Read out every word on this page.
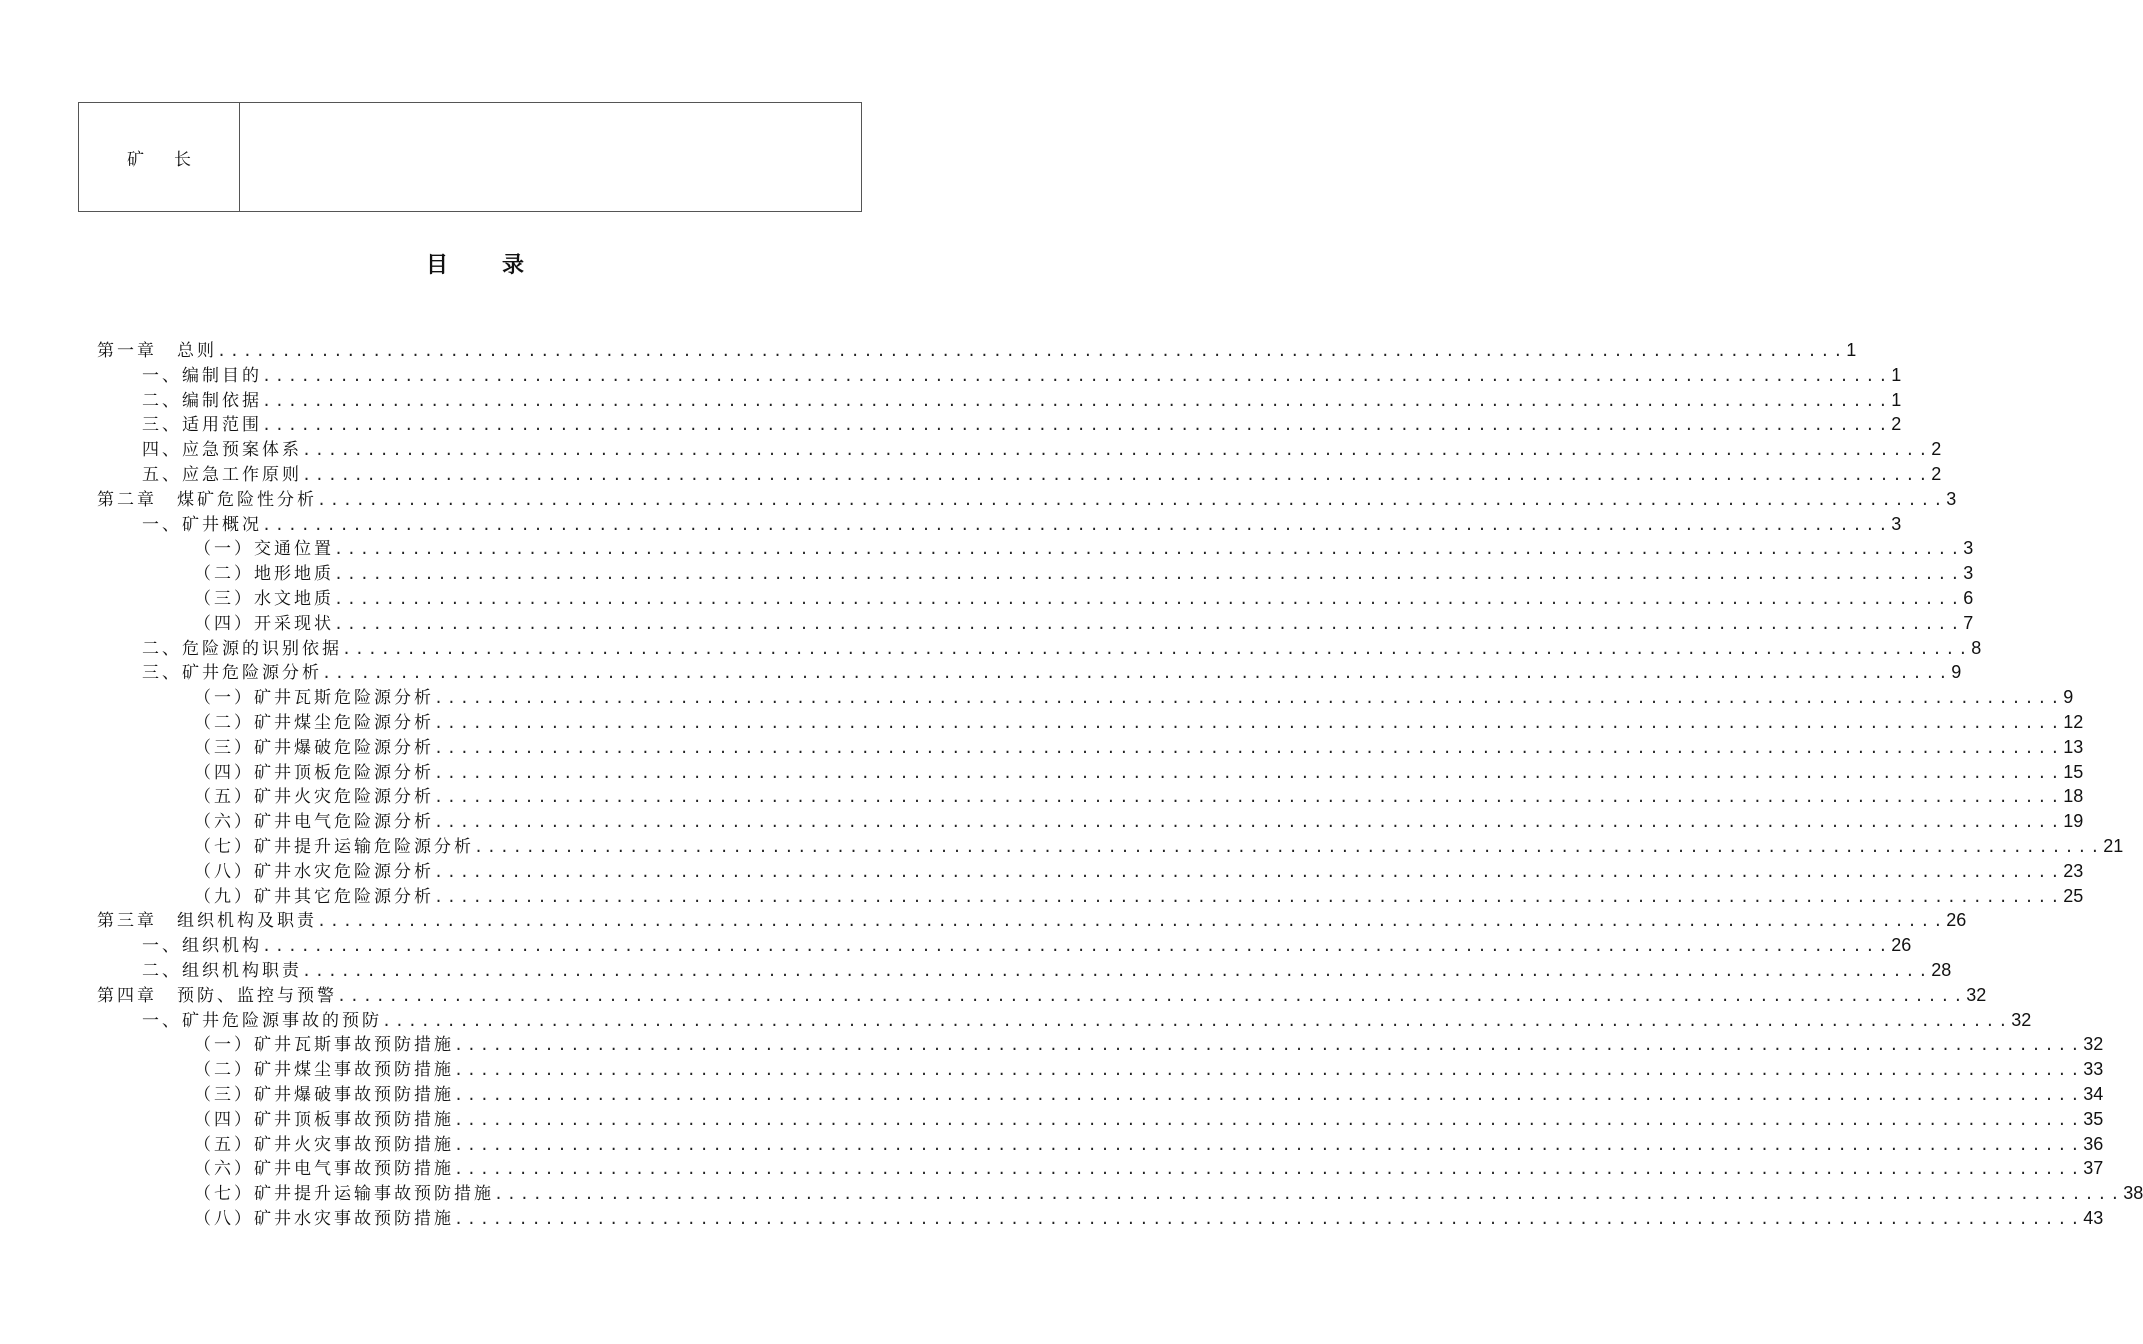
矿长	
目录
第一章　总则 .............................................................................................................................. 1
一、编制目的 .............................................................................................................................. 1
二、编制依据 .............................................................................................................................. 1
三、适用范围 .............................................................................................................................. 2
四、应急预案体系 .............................................................................................................................. 2
五、应急工作原则 .............................................................................................................................. 2
第二章　煤矿危险性分析 .............................................................................................................................. 3
一、矿井概况 .............................................................................................................................. 3
（一）交通位置 .............................................................................................................................. 3
（二）地形地质 .............................................................................................................................. 3
（三）水文地质 .............................................................................................................................. 6
（四）开采现状 .............................................................................................................................. 7
二、危险源的识别依据 .............................................................................................................................. 8
三、矿井危险源分析 .............................................................................................................................. 9
（一）矿井瓦斯危险源分析 .............................................................................................................................. 9
（二）矿井煤尘危险源分析 .............................................................................................................................. 12
（三）矿井爆破危险源分析 .............................................................................................................................. 13
（四）矿井顶板危险源分析 .............................................................................................................................. 15
（五）矿井火灾危险源分析 .............................................................................................................................. 18
（六）矿井电气危险源分析 .............................................................................................................................. 19
（七）矿井提升运输危险源分析 .............................................................................................................................. 21
（八）矿井水灾危险源分析 .............................................................................................................................. 23
（九）矿井其它危险源分析 .............................................................................................................................. 25
第三章　组织机构及职责 .............................................................................................................................. 26
一、组织机构 .............................................................................................................................. 26
二、组织机构职责 .............................................................................................................................. 28
第四章　预防、监控与预警 .............................................................................................................................. 32
一、矿井危险源事故的预防 .............................................................................................................................. 32
（一）矿井瓦斯事故预防措施 .............................................................................................................................. 32
（二）矿井煤尘事故预防措施 .............................................................................................................................. 33
（三）矿井爆破事故预防措施 .............................................................................................................................. 34
（四）矿井顶板事故预防措施 .............................................................................................................................. 35
（五）矿井火灾事故预防措施 .............................................................................................................................. 36
（六）矿井电气事故预防措施 .............................................................................................................................. 37
（七）矿井提升运输事故预防措施 .............................................................................................................................. 38
（八）矿井水灾事故预防措施 .............................................................................................................................. 43
